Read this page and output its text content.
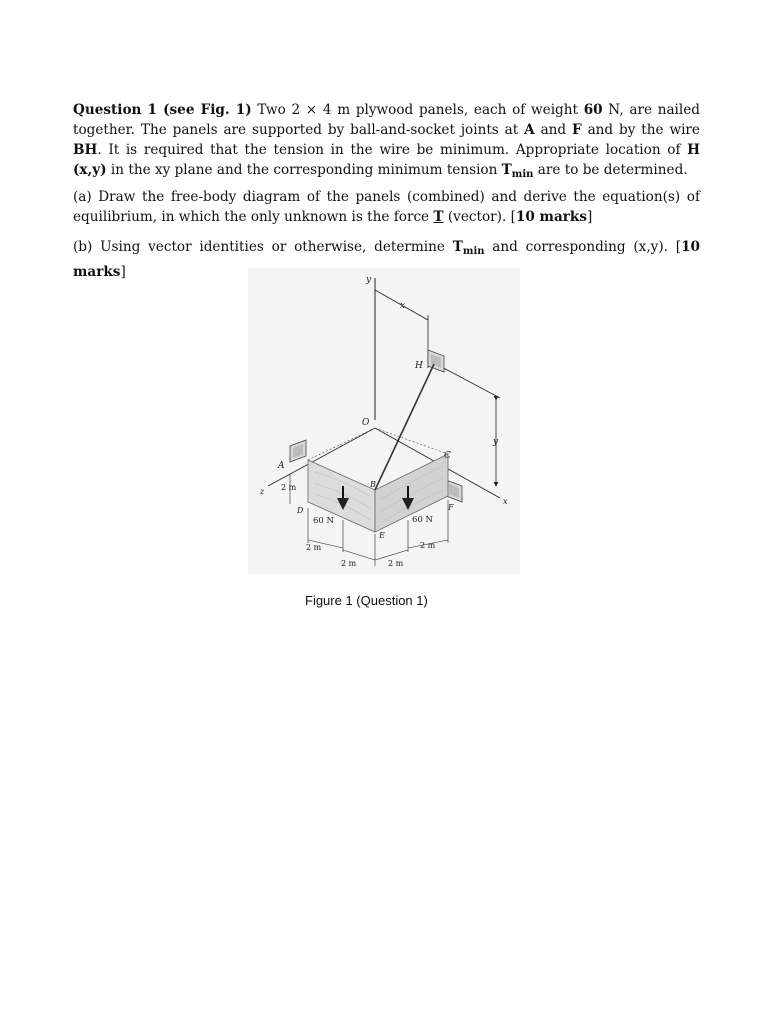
Question 1 (see Fig. 1) Two 2 × 4 m plywood panels, each of weight 60 N, are nailed together. The panels are supported by ball-and-socket joints at A and F and by the wire BH. It is required that the tension in the wire be minimum. Appropriate location of H (x,y) in the xy plane and the corresponding minimum tension $T_{min}$ are to be determined.

(a) Draw the free-body diagram of the panels (combined) and derive the equation(s) of equilibrium, in which the only unknown is the force T (vector). [10 marks]

(b) Using vector identities or otherwise, determine $T_{min}$ and corresponding (x,y). [10 marks]	y
x
H
O
A
C
B
z 2 m
D	F
E
x
y
60 N	60 N
2 m
2 m	2 m
2 m
Figure 1 (Question 1)
